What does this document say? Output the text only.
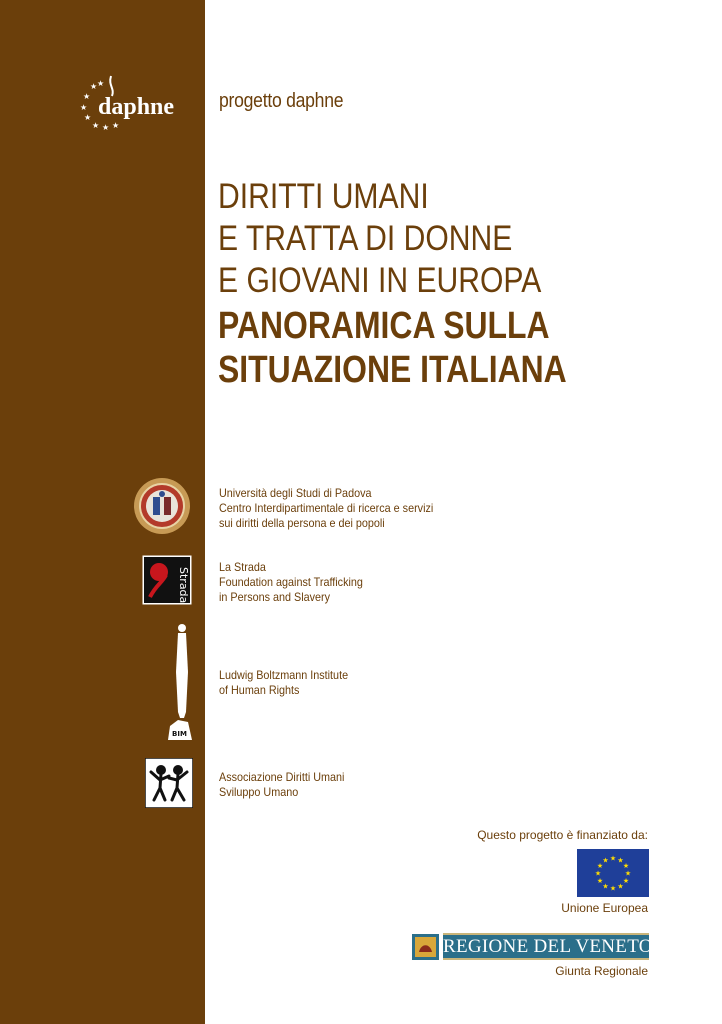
★
★
★
★
★ ★ ★
★
daphne progetto daphne
DIRITTI UMANI
E TRATTA DI DONNE
E GIOVANI IN EUROPA
PANORAMICA SULLA
SITUAZIONE ITALIANA
Università degli Studi di Padova
Centro Interdipartimentale di ricerca e servizi
sui diritti della persona e dei popoli
Strada La Strada
Foundation against Trafficking
in Persons and Slavery
BIM
Ludwig Boltzmann Institute
of Human Rights
Associazione Diritti Umani
Sviluppo Umano
Questo progetto è finanziato da:
★
★
★
★
★
★
★
★
★ ★ ★
★
Unione Europea
REGIONE DEL VENETO
Giunta Regionale
